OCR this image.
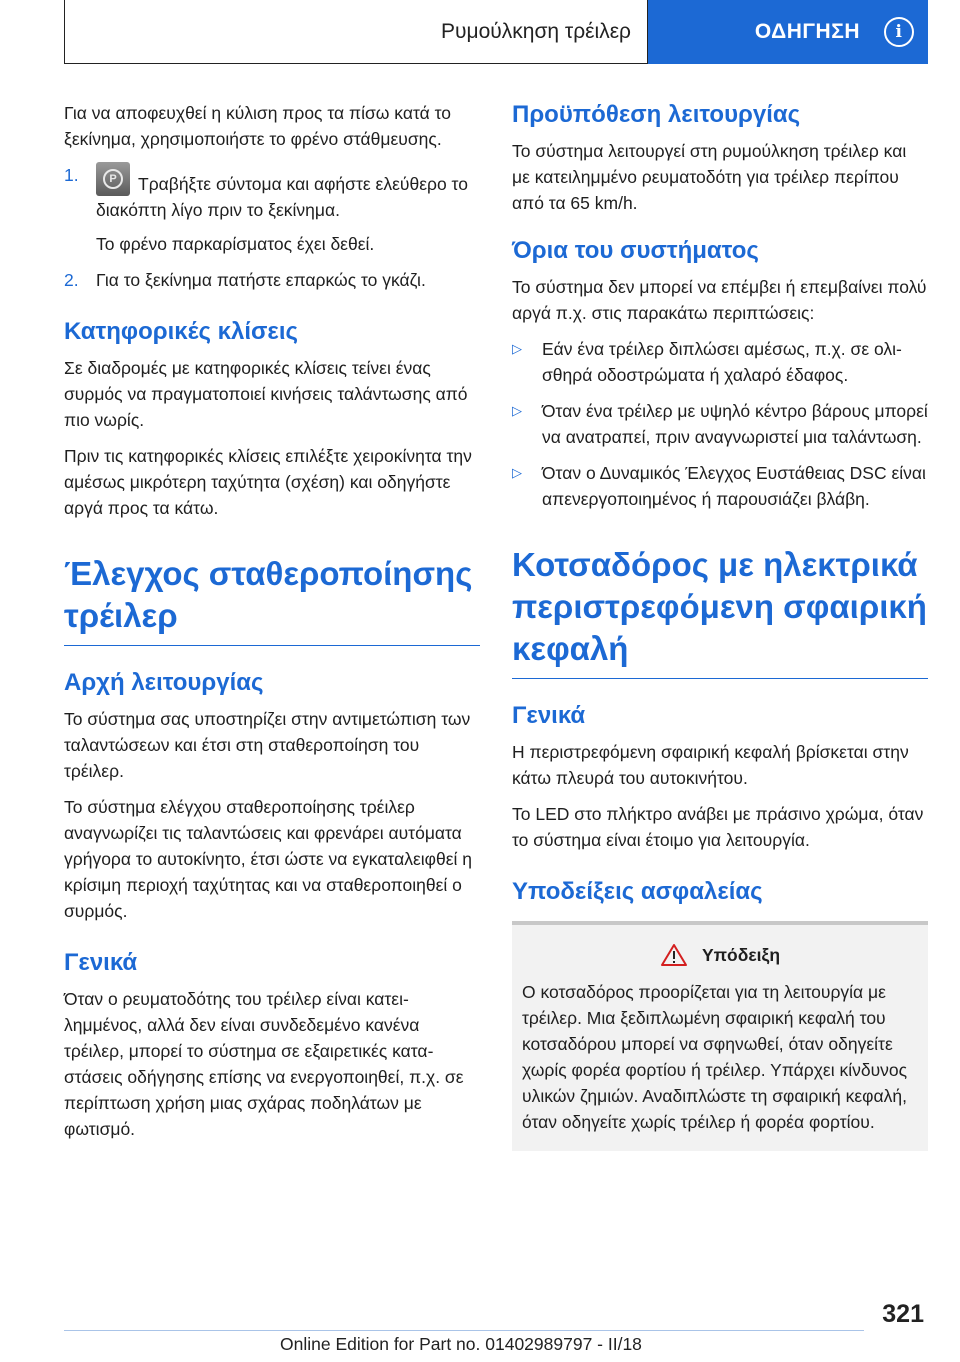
Ρυμούλκηση τρέιλερ	ΟΔΗΓΗΣΗ	i

Για να αποφευχθεί η κύλιση προς τα πίσω κατά το ξεκίνημα, χρησιμοποιήστε το φρένο στάθμευσης.

1.	P	Τραβήξτε σύντομα και αφήστε ελεύθερο το διακόπτη λίγο πριν το ξεκίνημα.
Το φρένο παρκαρίσματος έχει δεθεί.
2. Για το ξεκίνημα πατήστε επαρκώς το γκάζι.
Κατηφορικές κλίσεις

Σε διαδρομές με κατηφορικές κλίσεις τείνει ένας συρμός να πραγματοποιεί κινήσεις ταλάντωσης από πιο νωρίς.

Πριν τις κατηφορικές κλίσεις επιλέξτε χειροκίνητα την αμέσως μικρότερη ταχύτητα (σχέση) και οδηγήστε αργά προς τα κάτω.

Έλεγχος σταθεροποίησης τρέιλερ
Αρχή λειτουργίας

Το σύστημα σας υποστηρίζει στην αντιμετώπιση των ταλαντώσεων και έτσι στη σταθεροποίηση του τρέιλερ.

Το σύστημα ελέγχου σταθεροποίησης τρέιλερ αναγνωρίζει τις ταλαντώσεις και φρενάρει αυτόματα γρήγορα το αυτοκίνητο, έτσι ώστε να εγκαταλειφθεί η κρίσιμη περιοχή ταχύτητας και να σταθεροποιηθεί ο συρμός.

Γενικά

Όταν ο ρευματοδότης του τρέιλερ είναι κατειλημμένος, αλλά δεν είναι συνδεδεμένο κανένα τρέιλερ, μπορεί το σύστημα σε εξαιρετικές καταστάσεις οδήγησης επίσης να ενεργοποιηθεί, π.χ. σε περίπτωση χρήση μιας σχάρας ποδηλάτων με φωτισμό.

Προϋπόθεση λειτουργίας

Το σύστημα λειτουργεί στη ρυμούλκηση τρέιλερ και με κατειλημμένο ρευματοδότη για τρέιλερ περίπου από τα 65 km/h.

Όρια του συστήματος

Το σύστημα δεν μπορεί να επέμβει ή επεμβαίνει πολύ αργά π.χ. στις παρακάτω περιπτώσεις:

▷ Εάν ένα τρέιλερ διπλώσει αμέσως, π.χ. σε ολισθηρά οδοστρώματα ή χαλαρό έδαφος.
▷ Όταν ένα τρέιλερ με υψηλό κέντρο βάρους μπορεί να ανατραπεί, πριν αναγνωριστεί μια ταλάντωση.
▷ Όταν ο Δυναμικός Έλεγχος Ευστάθειας DSC είναι απενεργοποιημένος ή παρουσιάζει βλάβη.
Κοτσαδόρος με ηλεκτρικά περιστρεφόμενη σφαιρική κεφαλή
Γενικά

Η περιστρεφόμενη σφαιρική κεφαλή βρίσκεται στην κάτω πλευρά του αυτοκινήτου.

Το LED στο πλήκτρο ανάβει με πράσινο χρώμα, όταν το σύστημα είναι έτοιμο για λειτουργία.

Υποδείξεις ασφαλείας
Υπόδειξη

Ο κοτσαδόρος προορίζεται για τη λειτουργία με τρέιλερ. Μια ξεδιπλωμένη σφαιρική κεφαλή του κοτσαδόρου μπορεί να σφηνωθεί, όταν οδηγείτε χωρίς φορέα φορτίου ή τρέιλερ. Υπάρχει κίνδυνος υλικών ζημιών. Αναδιπλώστε τη σφαιρική κεφαλή, όταν οδηγείτε χωρίς τρέιλερ ή φορέα φορτίου.

321
Online Edition for Part no. 01402989797 - II/18
